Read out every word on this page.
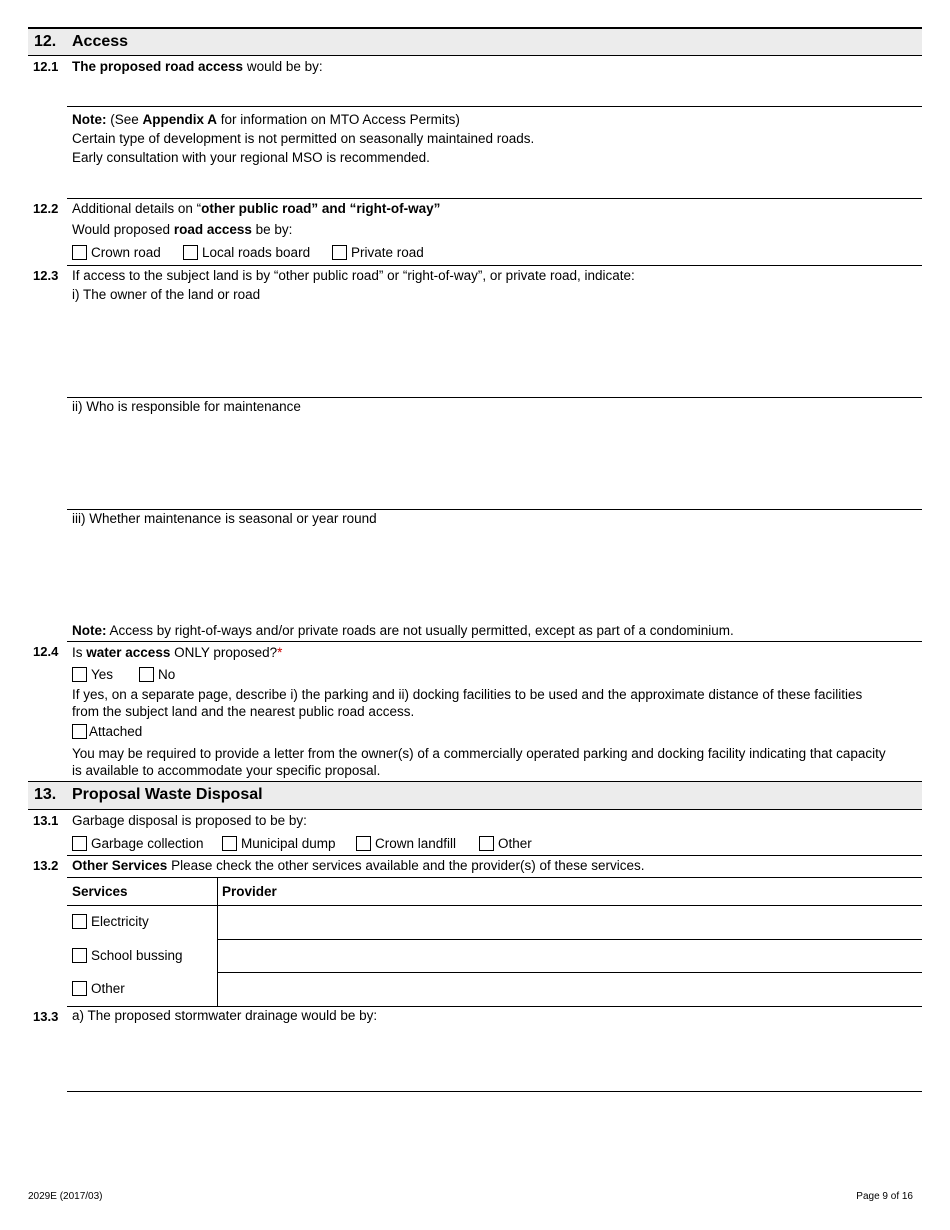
12. Access
12.1 The proposed road access would be by:
Note: (See Appendix A for information on MTO Access Permits)
Certain type of development is not permitted on seasonally maintained roads.
Early consultation with your regional MSO is recommended.
12.2 Additional details on “other public road” and “right-of-way”
Would proposed road access be by:
Crown road	Local roads board	Private road
12.3 If access to the subject land is by “other public road” or “right-of-way”, or private road, indicate:
i) The owner of the land or road
ii) Who is responsible for maintenance
iii) Whether maintenance is seasonal or year round
Note: Access by right-of-ways and/or private roads are not usually permitted, except as part of a condominium.
12.4 Is water access ONLY proposed?*
Yes	No
If yes, on a separate page, describe i) the parking and ii) docking facilities to be used and the approximate distance of these facilities
from the subject land and the nearest public road access.
Attached
You may be required to provide a letter from the owner(s) of a commercially operated parking and docking facility indicating that capacity
is available to accommodate your specific proposal.
13. Proposal Waste Disposal
13.1 Garbage disposal is proposed to be by:
Garbage collection	Municipal dump	Crown landfill	Other
13.2 Other Services Please check the other services available and the provider(s) of these services.
Services	Provider
Electricity
School bussing
Other
13.3 a) The proposed stormwater drainage would be by:
2029E (2017/03)	Page 9 of 16
